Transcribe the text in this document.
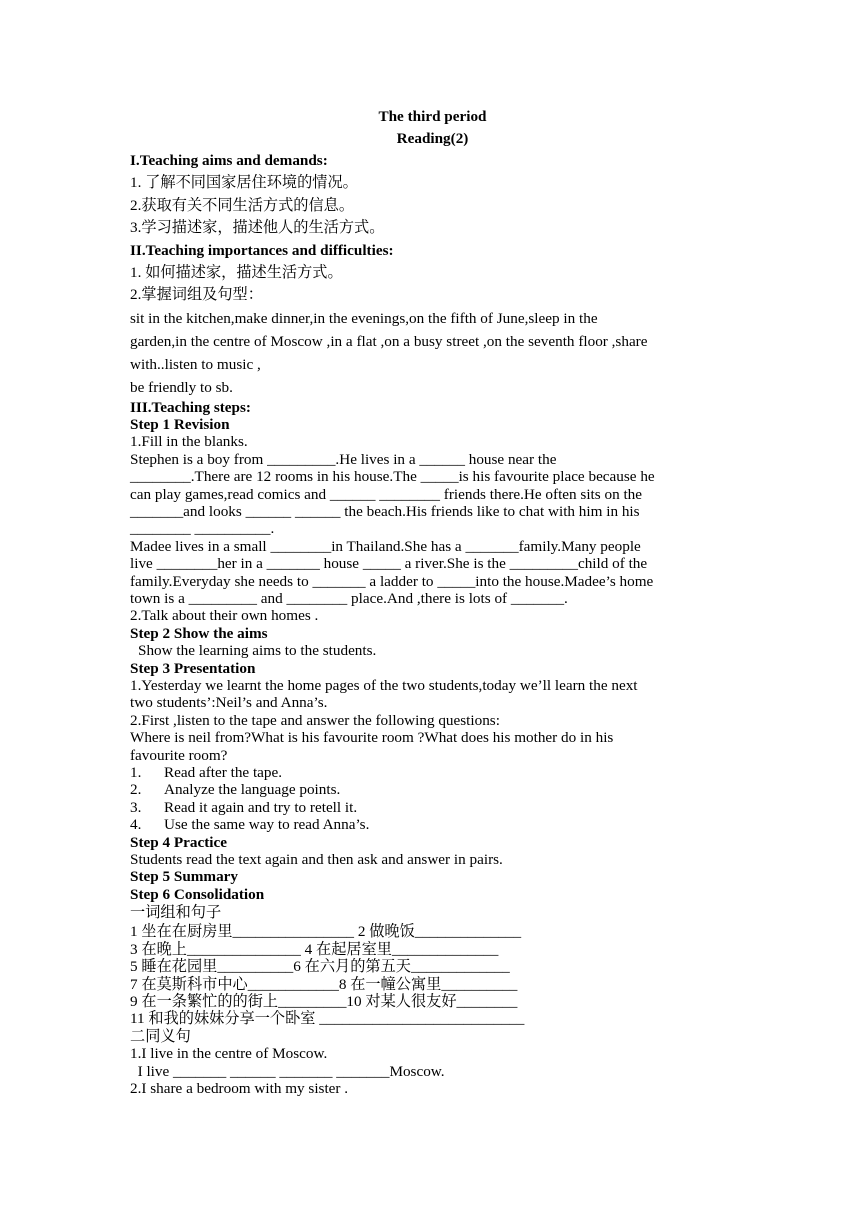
The third period
Reading(2)
I.Teaching aims and demands:
1. 了解不同国家居住环境的情况。
2.获取有关不同生活方式的信息。
3.学习描述家，描述他人的生活方式。
II.Teaching importances and difficulties:
1. 如何描述家，描述生活方式。
2.掌握词组及句型：
sit in the kitchen,make dinner,in the evenings,on the fifth of June,sleep in the
garden,in the centre of Moscow ,in a flat ,on a busy street ,on the seventh floor ,share
with..listen to music ,
be friendly to sb.
III.Teaching steps:
Step 1 Revision
1.Fill in the blanks.
Stephen is a boy from _________.He lives in a ______ house near the
________.There are 12 rooms in his house.The _____is his favourite place because he
can play games,read comics and ______ ________ friends there.He often sits on the
_______and looks ______ ______ the beach.His friends like to chat with him in his
________ __________.
Madee lives in a small ________in Thailand.She has a _______family.Many people
live ________her in a _______ house _____ a river.She is the _________child of the
family.Everyday she needs to _______ a ladder to _____into the house.Madee’s home
town is a _________ and ________ place.And ,there is lots of _______.
2.Talk about their own homes .
Step 2 Show the aims
Show the learning aims to the students.
Step 3 Presentation
1.Yesterday we learnt the home pages of the two students,today we’ll learn the next
two students’:Neil’s and Anna’s.
2.First ,listen to the tape and answer the following questions:
Where is neil from?What is his favourite room ?What does his mother do in his
favourite room?
1. Read after the tape.
2. Analyze the language points.
3. Read it again and try to retell it.
4. Use the same way to read Anna’s.
Step 4 Practice
Students read the text again and then ask and answer in pairs.
Step 5 Summary
Step 6 Consolidation
一词组和句子
1 坐在在厨房里________________ 2 做晚饭______________
3 在晚上_______________ 4 在起居室里______________
5 睡在花园里__________6 在六月的第五天_____________
7 在莫斯科市中心____________8 在一幢公寓里__________
9 在一条繁忙的的街上_________10 对某人很友好________
11 和我的妹妹分享一个卧室 ___________________________
二同义句
1.I live in the centre of Moscow.
I live _______ ______ _______ _______Moscow.
2.I share a bedroom with my sister .
